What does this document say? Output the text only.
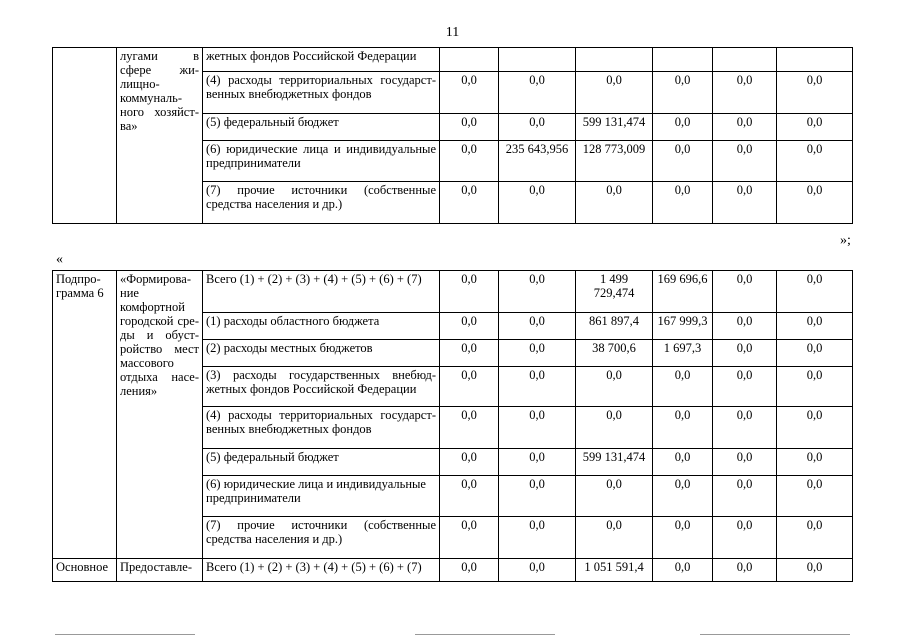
11
	лугами в сфере жилищно-коммунального хозяйства»	жетных фондов Российской Федерации						
		(4) расходы территориальных государственных внебюджетных фондов	0,0	0,0	0,0	0,0	0,0	0,0
		(5) федеральный бюджет	0,0	0,0	599 131,474	0,0	0,0	0,0
		(6) юридические лица и индивидуальные предприниматели	0,0	235 643,956	128 773,009	0,0	0,0	0,0
		(7) прочие источники (собственные средства населения и др.)	0,0	0,0	0,0	0,0	0,0	0,0
»;
«
Подпрограмма 6	«Формирование комфортной городской среды и обустройство мест массового отдыха населения»	Всего (1) + (2) + (3) + (4) + (5) + (6) + (7)	0,0	0,0	1 499 729,474	169 696,6	0,0	0,0
		(1) расходы областного бюджета	0,0	0,0	861 897,4	167 999,3	0,0	0,0
		(2) расходы местных бюджетов	0,0	0,0	38 700,6	1 697,3	0,0	0,0
		(3) расходы государственных внебюджетных фондов Российской Федерации	0,0	0,0	0,0	0,0	0,0	0,0
		(4) расходы территориальных государственных внебюджетных фондов	0,0	0,0	0,0	0,0	0,0	0,0
		(5) федеральный бюджет	0,0	0,0	599 131,474	0,0	0,0	0,0
		(6) юридические лица и индивидуальные предприниматели	0,0	0,0	0,0	0,0	0,0	0,0
		(7) прочие источники (собственные средства населения и др.)	0,0	0,0	0,0	0,0	0,0	0,0
Основное	Предоставле-	Всего (1) + (2) + (3) + (4) + (5) + (6) + (7)	0,0	0,0	1 051 591,4	0,0	0,0	0,0
